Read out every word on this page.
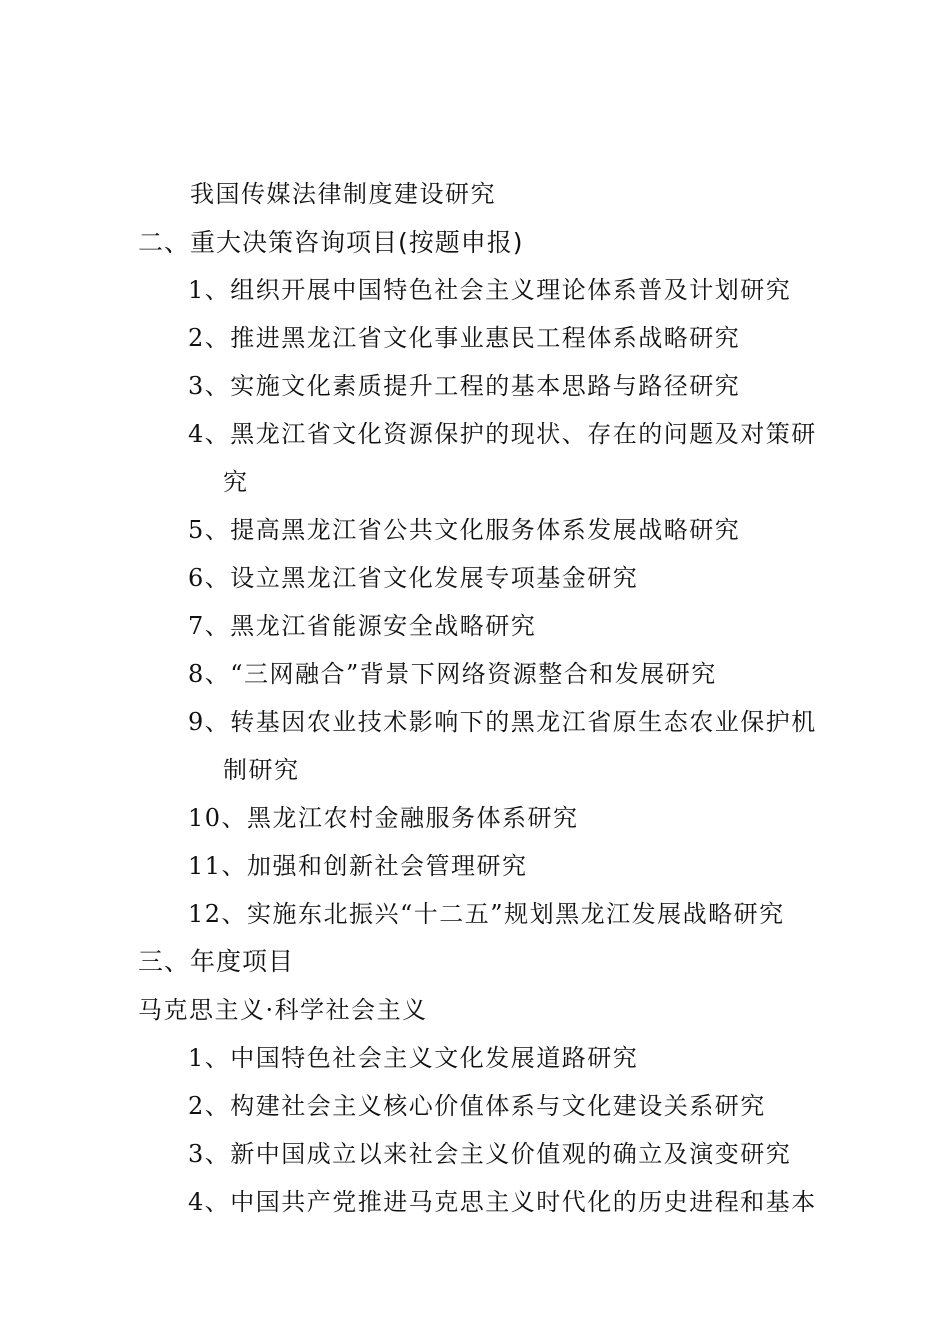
我国传媒法律制度建设研究
二、重大决策咨询项目(按题申报)
1、组织开展中国特色社会主义理论体系普及计划研究
2、推进黑龙江省文化事业惠民工程体系战略研究
3、实施文化素质提升工程的基本思路与路径研究
4、黑龙江省文化资源保护的现状、存在的问题及对策研
究
5、提高黑龙江省公共文化服务体系发展战略研究
6、设立黑龙江省文化发展专项基金研究
7、黑龙江省能源安全战略研究
8、“三网融合”背景下网络资源整合和发展研究
9、转基因农业技术影响下的黑龙江省原生态农业保护机
制研究
10、黑龙江农村金融服务体系研究
11、加强和创新社会管理研究
12、实施东北振兴“十二五”规划黑龙江发展战略研究
三、年度项目
马克思主义·科学社会主义
1、中国特色社会主义文化发展道路研究
2、构建社会主义核心价值体系与文化建设关系研究
3、新中国成立以来社会主义价值观的确立及演变研究
4、中国共产党推进马克思主义时代化的历史进程和基本
